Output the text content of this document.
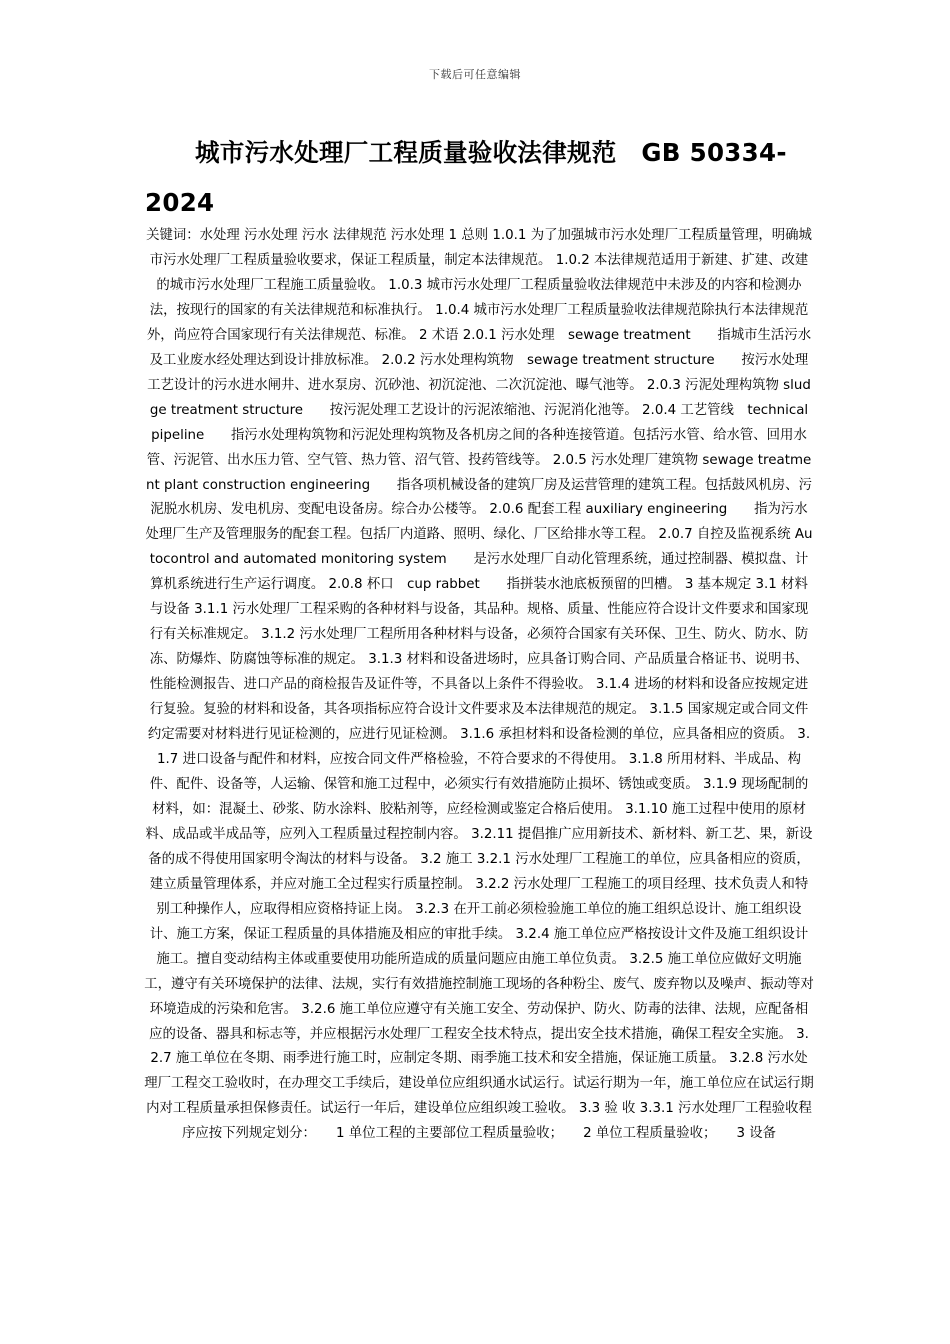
下载后可任意编辑
城市污水处理厂工程质量验收法律规范　GB 50334-2024

关键词：水处理 污水处理 污水 法律规范 污水处理 1 总则 1.0.1 为了加强城市污水处理厂工程质量管理，明确城市污水处理厂工程质量验收要求，保证工程质量，制定本法律规范。 1.0.2 本法律规范适用于新建、扩建、改建的城市污水处理厂工程施工质量验收。 1.0.3 城市污水处理厂工程质量验收法律规范中未涉及的内容和检测办法，按现行的国家的有关法律规范和标准执行。 1.0.4 城市污水处理厂工程质量验收法律规范除执行本法律规范外，尚应符合国家现行有关法律规范、标准。 2 术语 2.0.1 污水处理　sewage treatment　　指城市生活污水及工业废水经处理达到设计排放标准。 2.0.2 污水处理构筑物　sewage treatment structure　　按污水处理工艺设计的污水进水闸井、进水泵房、沉砂池、初沉淀池、二次沉淀池、曝气池等。 2.0.3 污泥处理构筑物 sludge treatment structure　　按污泥处理工艺设计的污泥浓缩池、污泥消化池等。 2.0.4 工艺管线　technical pipeline　　指污水处理构筑物和污泥处理构筑物及各机房之间的各种连接管道。包括污水管、给水管、回用水管、污泥管、出水压力管、空气管、热力管、沼气管、投药管线等。 2.0.5 污水处理厂建筑物 sewage treatment plant construction engineering　　指各项机械设备的建筑厂房及运营管理的建筑工程。包括鼓风机房、污泥脱水机房、发电机房、变配电设备房。综合办公楼等。 2.0.6 配套工程 auxiliary engineering　　指为污水处理厂生产及管理服务的配套工程。包括厂内道路、照明、绿化、厂区给排水等工程。 2.0.7 自控及监视系统 Autocontrol and automated monitoring system　　是污水处理厂自动化管理系统，通过控制器、模拟盘、计算机系统进行生产运行调度。 2.0.8 杯口　cup rabbet　　指拼装水池底板预留的凹槽。 3 基本规定 3.1 材料与设备 3.1.1 污水处理厂工程采购的各种材料与设备，其品种。规格、质量、性能应符合设计文件要求和国家现行有关标准规定。 3.1.2 污水处理厂工程所用各种材料与设备，必须符合国家有关环保、卫生、防火、防水、防冻、防爆炸、防腐蚀等标准的规定。 3.1.3 材料和设备进场时，应具备订购合同、产品质量合格证书、说明书、性能检测报告、进口产品的商检报告及证件等，不具备以上条件不得验收。 3.1.4 进场的材料和设备应按规定进行复验。复验的材料和设备，其各项指标应符合设计文件要求及本法律规范的规定。 3.1.5 国家规定或合同文件约定需要对材料进行见证检测的，应进行见证检测。 3.1.6 承担材料和设备检测的单位，应具备相应的资质。 3.1.7 进口设备与配件和材料，应按合同文件严格检验，不符合要求的不得使用。 3.1.8 所用材料、半成品、构件、配件、设备等，人运输、保管和施工过程中，必须实行有效措施防止损坏、锈蚀或变质。 3.1.9 现场配制的材料，如：混凝土、砂浆、防水涂料、胶粘剂等，应经检测或鉴定合格后使用。 3.1.10 施工过程中使用的原材料、成品或半成品等，应列入工程质量过程控制内容。 3.2.11 提倡推广应用新技术、新材料、新工艺、果，新设备的成不得使用国家明令淘汰的材料与设备。 3.2 施工 3.2.1 污水处理厂工程施工的单位，应具备相应的资质，建立质量管理体系，并应对施工全过程实行质量控制。 3.2.2 污水处理厂工程施工的项目经理、技术负责人和特别工种操作人，应取得相应资格持证上岗。 3.2.3 在开工前必须检验施工单位的施工组织总设计、施工组织设计、施工方案，保证工程质量的具体措施及相应的审批手续。 3.2.4 施工单位应严格按设计文件及施工组织设计施工。擅自变动结构主体或重要使用功能所造成的质量问题应由施工单位负责。 3.2.5 施工单位应做好文明施工，遵守有关环境保护的法律、法规，实行有效措施控制施工现场的各种粉尘、废气、废弃物以及噪声、振动等对环境造成的污染和危害。 3.2.6 施工单位应遵守有关施工安全、劳动保护、防火、防毒的法律、法规，应配备相应的设备、器具和标志等，并应根据污水处理厂工程安全技术特点，提出安全技术措施，确保工程安全实施。 3.2.7 施工单位在冬期、雨季进行施工时，应制定冬期、雨季施工技术和安全措施，保证施工质量。 3.2.8 污水处理厂工程交工验收时，在办理交工手续后，建设单位应组织通水试运行。试运行期为一年，施工单位应在试运行期内对工程质量承担保修责任。试运行一年后，建设单位应组织竣工验收。 3.3 验 收 3.3.1 污水处理厂工程验收程序应按下列规定划分：　　1 单位工程的主要部位工程质量验收；　　2 单位工程质量验收；　　3 设备
